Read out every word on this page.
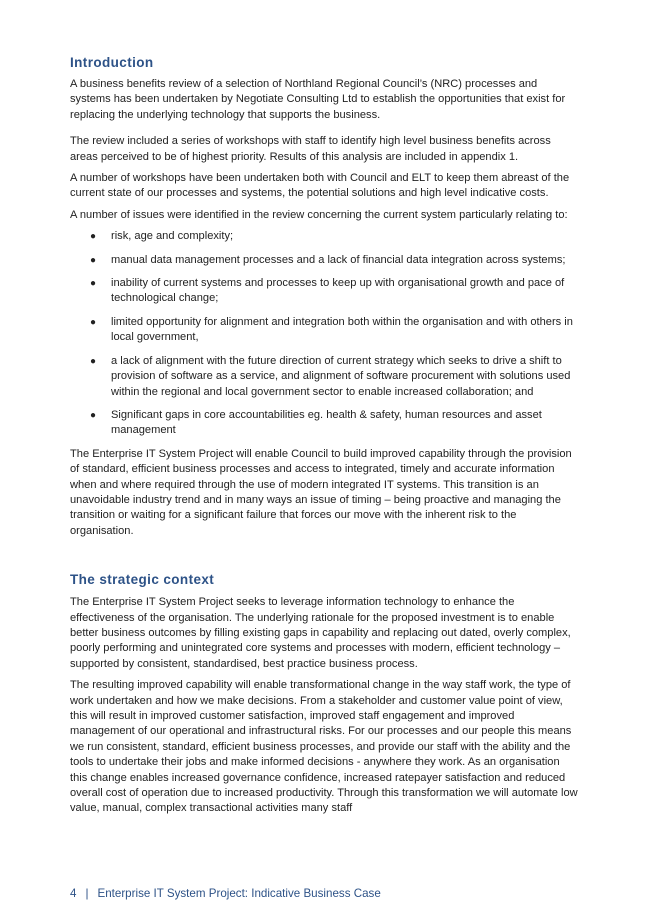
Introduction

A business benefits review of a selection of Northland Regional Council’s (NRC) processes and systems has been undertaken by Negotiate Consulting Ltd to establish the opportunities that exist for replacing the underlying technology that supports the business.

The review included a series of workshops with staff to identify high level business benefits across areas perceived to be of highest priority. Results of this analysis are included in appendix 1.

A number of workshops have been undertaken both with Council and ELT to keep them abreast of the current state of our processes and systems, the potential solutions and high level indicative costs.

A number of issues were identified in the review concerning the current system particularly relating to:

● risk, age and complexity;
● manual data management processes and a lack of financial data integration across systems;
● inability of current systems and processes to keep up with organisational growth and pace of technological change;
● limited opportunity for alignment and integration both within the organisation and with others in local government,
● a lack of alignment with the future direction of current strategy which seeks to drive a shift to provision of software as a service, and alignment of software procurement with solutions used within the regional and local government sector to enable increased collaboration; and
● Significant gaps in core accountabilities eg. health & safety, human resources and asset management

The Enterprise IT System Project will enable Council to build improved capability through the provision of standard, efficient business processes and access to integrated, timely and accurate information when and where required through the use of modern integrated IT systems. This transition is an unavoidable industry trend and in many ways an issue of timing – being proactive and managing the transition or waiting for a significant failure that forces our move with the inherent risk to the organisation.

The strategic context

The Enterprise IT System Project seeks to leverage information technology to enhance the effectiveness of the organisation. The underlying rationale for the proposed investment is to enable better business outcomes by filling existing gaps in capability and replacing out dated, overly complex, poorly performing and unintegrated core systems and processes with modern, efficient technology – supported by consistent, standardised, best practice business process.

The resulting improved capability will enable transformational change in the way staff work, the type of work undertaken and how we make decisions. From a stakeholder and customer value point of view, this will result in improved customer satisfaction, improved staff engagement and improved management of our operational and infrastructural risks. For our processes and our people this means we run consistent, standard, efficient business processes, and provide our staff with the ability and the tools to undertake their jobs and make informed decisions - anywhere they work. As an organisation this change enables increased governance confidence, increased ratepayer satisfaction and reduced overall cost of operation due to increased productivity. Through this transformation we will automate low value, manual, complex transactional activities many staff

4 | Enterprise IT System Project: Indicative Business Case
